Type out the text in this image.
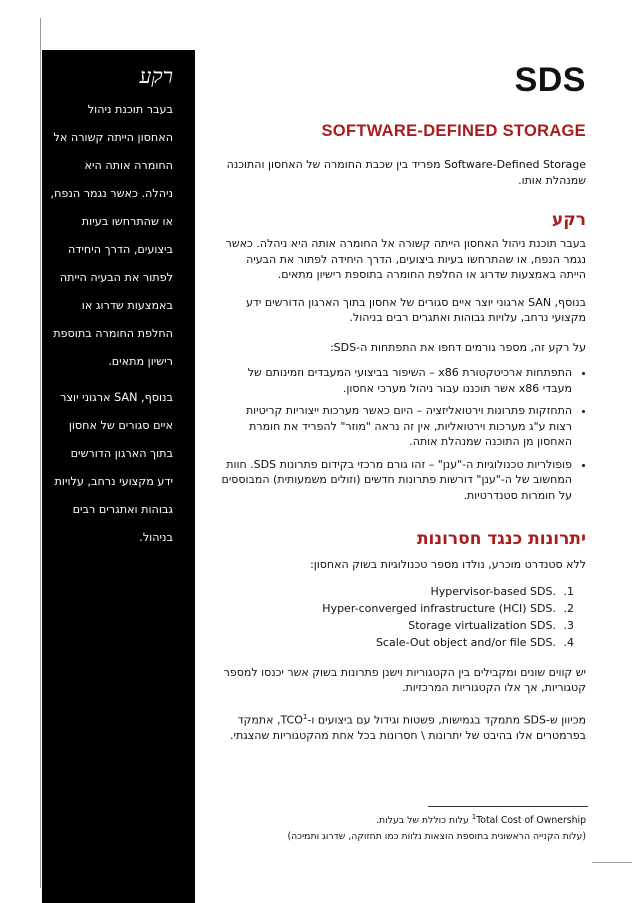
רקע
בעבר תוכנת ניהול
האחסון הייתה קשורה אל
החומרה אותה היא
ניהלה. כאשר נגמר הנפח,
או שהתרחשו בעיות
ביצועים, הדרך היחידה
לפתור את הבעיה הייתה
באמצעות שדרוג או
החלפת החומרה בתוספת
רישיון מתאים.
בנוסף, SAN ארגוני יוצר
איים סגורים של אחסון
בתוך הארגון הדורשים
ידע מקצועי נרחב, עלויות
גבוהות ואתגרים רבים
בניהול.
SDS
SOFTWARE-DEFINED STORAGE

Software-Defined Storage מפריד בין שכבת החומרה של האחסון והתוכנה שמנהלת אותו.

רקע

בעבר תוכנת ניהול האחסון הייתה קשורה אל החומרה אותה היא ניהלה. כאשר נגמר הנפח, או שהתרחשו בעיות ביצועים, הדרך היחידה לפתור את הבעיה הייתה באמצעות שדרוג או החלפת החומרה בתוספת רישיון מתאים.

בנוסף, SAN ארגוני יוצר איים סגורים של אחסון בתוך הארגון הדורשים ידע מקצועי נרחב, עלויות גבוהות ואתגרים רבים בניהול.

על רקע זה, מספר גורמים דחפו את התפתחות ה-SDS:

• התפתחות ארכיטקטורת x86 – השיפור בביצועי המעבדים וזמינותם של מעבדי x86 אשר תוכננו עבור ניהול מערכי אחסון.
• התחזקות פתרונות וירטואליזציה – היום כאשר מערכות ייצוריות קריטיות רצות ע"ג מערכות וירטואליות, אין זה נראה "מוזר" להפריד את חומרת האחסון מן התוכנה שמנהלת אותה.
• פופולריות טכנולוגיות ה-"ענן" – זהו גורם מרכזי בקידום פתרונות SDS. חוות המחשוב של ה-"ענן" דורשות פתרונות חדשים (וזולים משמעותית) המבוססים על חומרות סטנדרטיות.
יתרונות כנגד חסרונות

ללא סטנדרט מוכרע, נולדו מספר טכנולוגיות בשוק האחסון:

1. Hypervisor-based SDS.
2. Hyper-converged infrastructure (HCI) SDS.
3. Storage virtualization SDS.
4. Scale-Out object and/or file SDS.

יש קווים שונים ומקבילים בין הקטגוריות וישנן פתרונות בשוק אשר יכנסו למספר קטגוריות, אך אלו הקטגוריות המרכזיות.

מכיוון ש-SDS מתמקד בגמישות, פשטות וגידול עם ביצועים ו-TCO$^1$, אתמקד בפרמטרים אלו בהיבט של יתרונות \ חסרונות בכל אחת מהקטגוריות שהצגתי.

$^1$Total Cost of Ownership עלות כוללת של בעלות.
(עלות הקנייה הראשונית בתוספת הוצאות נלוות כמו תחזוקה, שדרוג ותמיכה)
